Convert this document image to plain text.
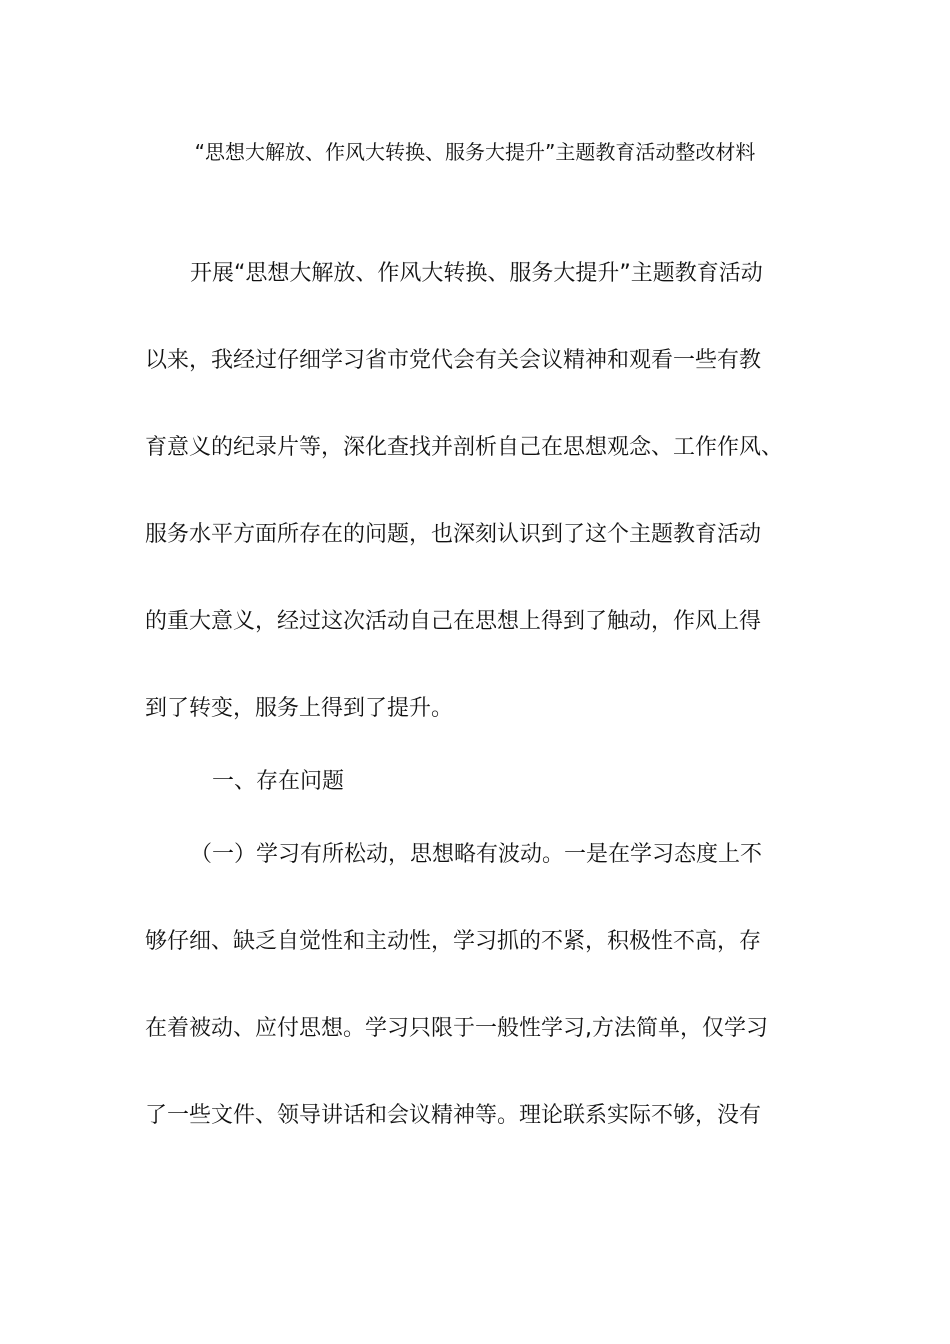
“思想大解放、作风大转换、服务大提升”主题教育活动整改材料
开展“思想大解放、作风大转换、服务大提升”主题教育活动
以来，我经过仔细学习省市党代会有关会议精神和观看一些有教
育意义的纪录片等，深化查找并剖析自己在思想观念、工作作风、
服务水平方面所存在的问题，也深刻认识到了这个主题教育活动
的重大意义，经过这次活动自己在思想上得到了触动，作风上得
到了转变，服务上得到了提升。
一、存在问题
（一）学习有所松动，思想略有波动。一是在学习态度上不
够仔细、缺乏自觉性和主动性，学习抓的不紧，积极性不高，存
在着被动、应付思想。学习只限于一般性学习,方法简单，仅学习
了一些文件、领导讲话和会议精神等。理论联系实际不够，没有
